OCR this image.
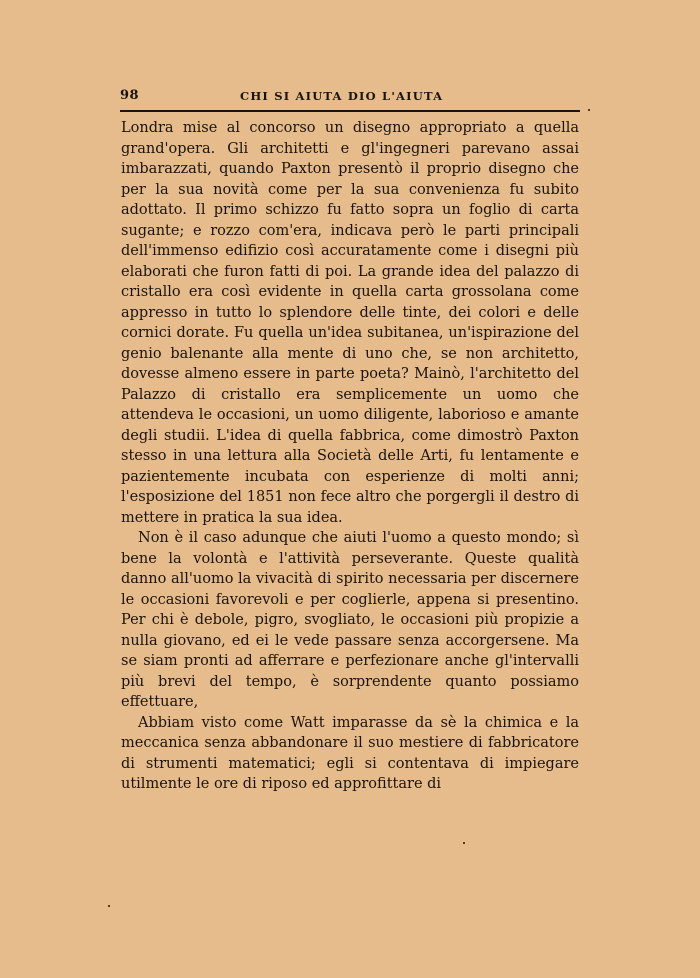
98	CHI SI AIUTA DIO L'AIUTA

Londra mise al concorso un disegno appropriato a quella grand'opera. Gli architetti e gl'ingegneri parevano assai imbarazzati, quando Paxton presentò il proprio disegno che per la sua novità come per la sua convenienza fu subito adottato. Il primo schizzo fu fatto sopra un foglio di carta sugante; e rozzo com'era, indicava però le parti principali dell'immenso edifizio così accuratamente come i disegni più elaborati che furon fatti di poi. La grande idea del palazzo di cristallo era così evidente in quella carta grossolana come appresso in tutto lo splendore delle tinte, dei colori e delle cornici dorate. Fu quella un'idea subitanea, un'ispirazione del genio balenante alla mente di uno che, se non architetto, dovesse almeno essere in parte poeta? Mainò, l'architetto del Palazzo di cristallo era semplicemente un uomo che attendeva le occasioni, un uomo diligente, laborioso e amante degli studii. L'idea di quella fabbrica, come dimostrò Paxton stesso in una lettura alla Società delle Arti, fu lentamente e pazientemente incubata con esperienze di molti anni; l'esposizione del 1851 non fece altro che porgergli il destro di mettere in pratica la sua idea.

Non è il caso adunque che aiuti l'uomo a questo mondo; sì bene la volontà e l'attività perseverante. Queste qualità danno all'uomo la vivacità di spirito necessaria per discernere le occasioni favorevoli e per coglierle, appena si presentino. Per chi è debole, pigro, svogliato, le occasioni più propizie a nulla giovano, ed ei le vede passare senza accorgersene. Ma se siam pronti ad afferrare e perfezionare anche gl'intervalli più brevi del tempo, è sorprendente quanto possiamo effettuare,

Abbiam visto come Watt imparasse da sè la chimica e la meccanica senza abbandonare il suo mestiere di fabbricatore di strumenti matematici; egli si contentava di impiegare utilmente le ore di riposo ed approfittare di
